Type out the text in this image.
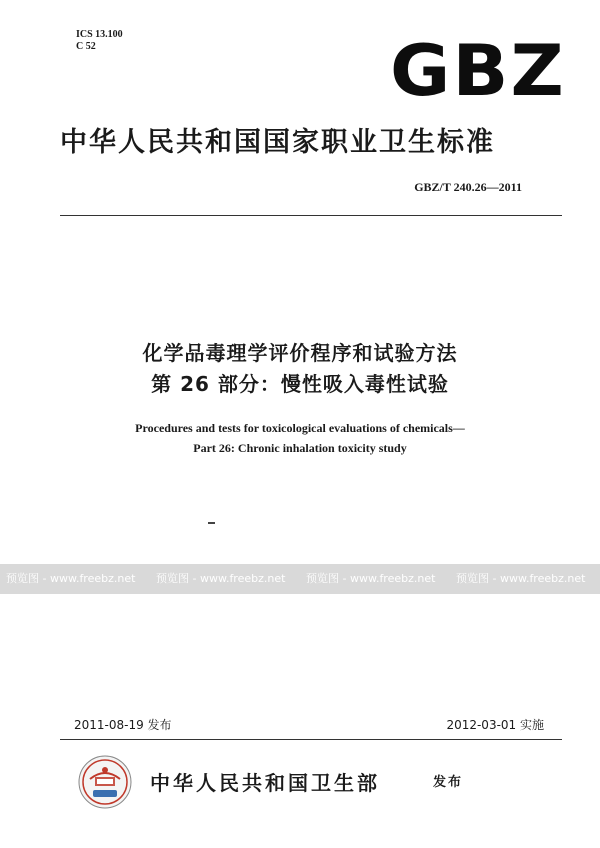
ICS 13.100
C 52	GBZ
中华人民共和国国家职业卫生标准
GBZ/T 240.26—2011
化学品毒理学评价程序和试验方法
第 26 部分：慢性吸入毒性试验
Procedures and tests for toxicological evaluations of chemicals—
Part 26: Chronic inhalation toxicity study
预览图 - www.freebz.net	预览图 - www.freebz.net	预览图 - www.freebz.net	预览图 - www.freebz.net
2011-08-19 发布	2012-03-01 实施
中华人民共和国卫生部	发布
